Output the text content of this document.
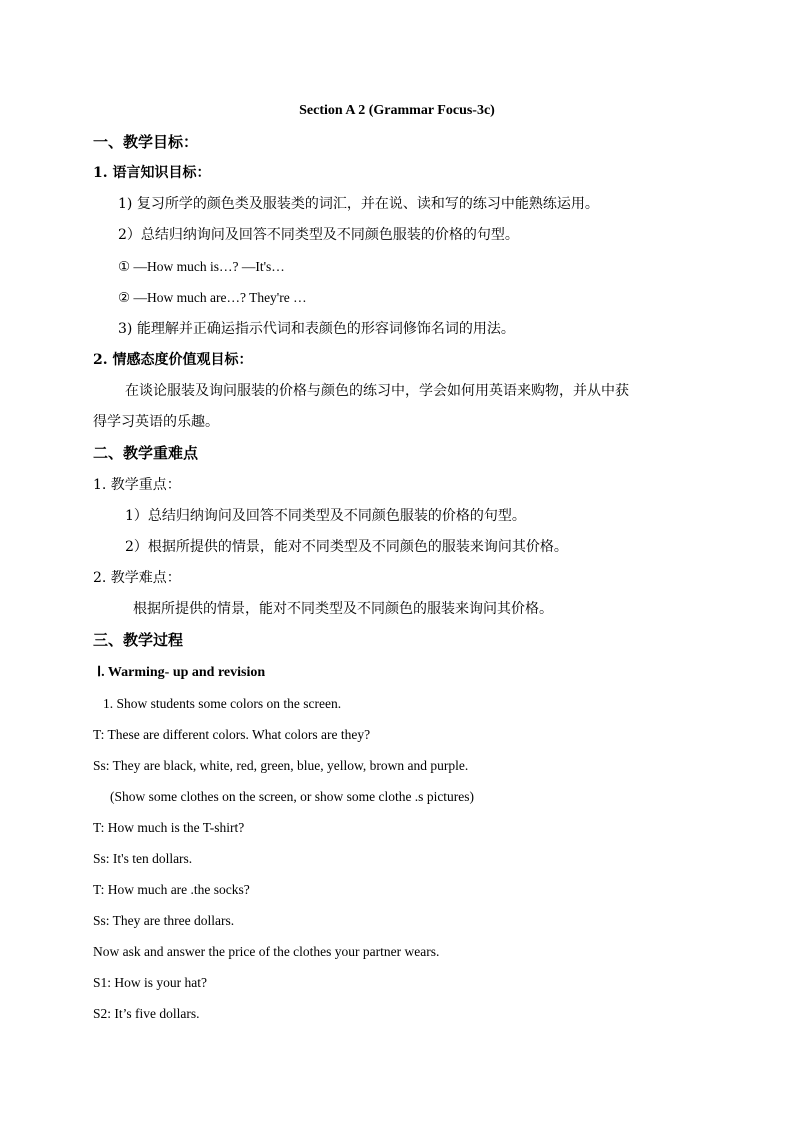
Section A 2 (Grammar Focus-3c)
一、教学目标：
1. 语言知识目标：
1) 复习所学的颜色类及服装类的词汇，并在说、读和写的练习中能熟练运用。
2）总结归纳询问及回答不同类型及不同颜色服装的价格的句型。
① —How much is…? —It's…
② —How much are…? They're …
3) 能理解并正确运指示代词和表颜色的形容词修饰名词的用法。
2. 情感态度价值观目标：
在谈论服装及询问服装的价格与颜色的练习中，学会如何用英语来购物，并从中获
得学习英语的乐趣。
二、教学重难点
1. 教学重点：
1）总结归纳询问及回答不同类型及不同颜色服装的价格的句型。
2）根据所提供的情景，能对不同类型及不同颜色的服装来询问其价格。
2. 教学难点：
根据所提供的情景，能对不同类型及不同颜色的服装来询问其价格。
三、教学过程
Ⅰ. Warming- up and revision
1. Show students some colors on the screen.
T: These are different colors. What colors are they?
Ss: They are black, white, red, green, blue, yellow, brown and purple.
(Show some clothes on the screen, or show some clothe .s pictures)
T: How much is the T-shirt?
Ss: It's ten dollars.
T: How much are .the socks?
Ss: They are three dollars.
Now ask and answer the price of the clothes your partner wears.
S1: How is your hat?
S2: It’s five dollars.
